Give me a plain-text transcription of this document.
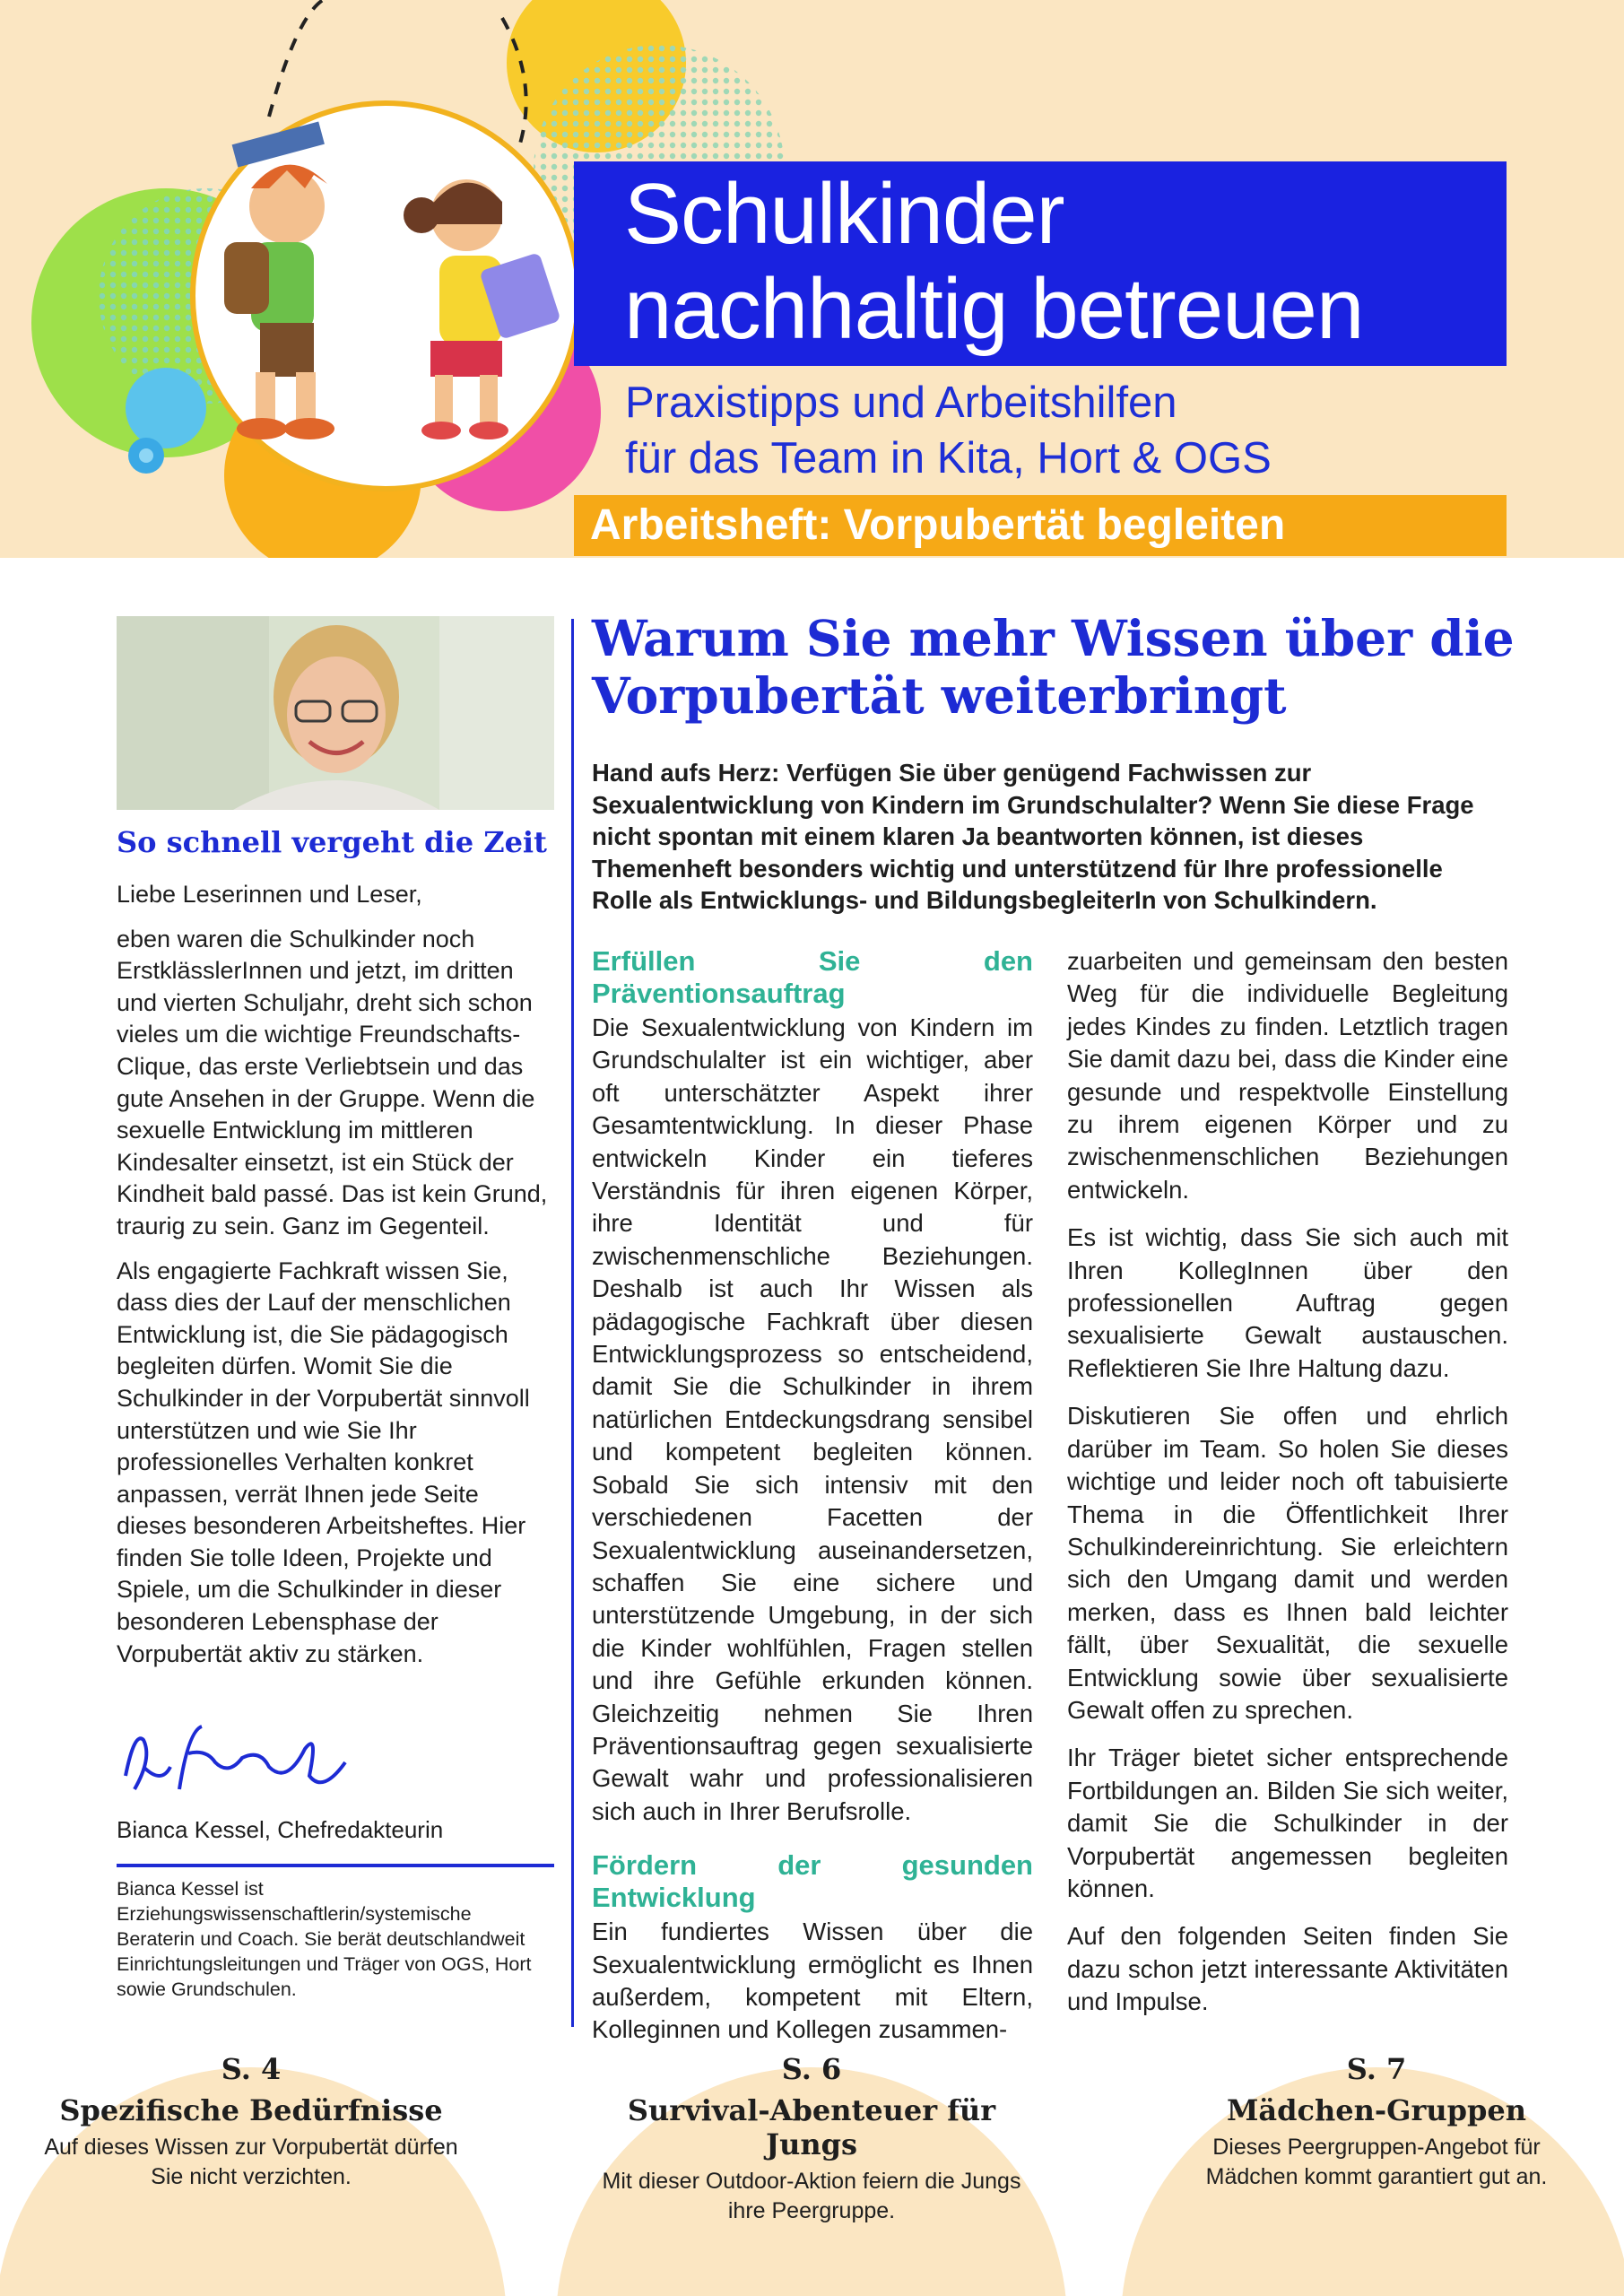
Schulkinder
nachhaltig betreuen
Praxistipps und Arbeitshilfen
für das Team in Kita, Hort & OGS
Arbeitsheft: Vorpubertät begleiten
So schnell vergeht die Zeit

Liebe Leserinnen und Leser,

eben waren die Schulkinder noch ErstklässlerInnen und jetzt, im dritten und vierten Schuljahr, dreht sich schon vieles um die wichtige Freundschafts-Clique, das erste Verliebtsein und das gute Ansehen in der Gruppe. Wenn die sexuelle Entwicklung im mittleren Kindesalter einsetzt, ist ein Stück der Kindheit bald passé. Das ist kein Grund, traurig zu sein. Ganz im Gegenteil.

Als engagierte Fachkraft wissen Sie, dass dies der Lauf der menschlichen Entwicklung ist, die Sie pädagogisch begleiten dürfen. Womit Sie die Schulkinder in der Vorpubertät sinnvoll unterstützen und wie Sie Ihr professionelles Verhalten konkret anpassen, verrät Ihnen jede Seite dieses besonderen Arbeitsheftes. Hier finden Sie tolle Ideen, Projekte und Spiele, um die Schulkinder in dieser besonderen Lebensphase der Vorpubertät aktiv zu stärken.

Bianca Kessel, Chefredakteurin
Bianca Kessel ist Erziehungswissenschaftlerin/systemische Beraterin und Coach. Sie berät deutschlandweit Einrichtungsleitungen und Träger von OGS, Hort sowie Grundschulen.
Warum Sie mehr Wissen über die Vorpubertät weiterbringt
Hand aufs Herz: Verfügen Sie über genügend Fachwissen zur Sexualentwicklung von Kindern im Grundschulalter? Wenn Sie diese Frage nicht spontan mit einem klaren Ja beantworten können, ist dieses Themenheft besonders wichtig und unterstützend für Ihre professionelle Rolle als Entwicklungs- und BildungsbegleiterIn von Schulkindern.
Erfüllen Sie den Präventionsauftrag

Die Sexualentwicklung von Kindern im Grundschulalter ist ein wichtiger, aber oft unterschätzter Aspekt ihrer Gesamtentwicklung. In dieser Phase entwickeln Kinder ein tieferes Verständnis für ihren eigenen Körper, ihre Identität und für zwischenmenschliche Beziehungen. Deshalb ist auch Ihr Wissen als pädagogische Fachkraft über diesen Entwicklungsprozess so entscheidend, damit Sie die Schulkinder in ihrem natürlichen Entdeckungsdrang sensibel und kompetent begleiten können. Sobald Sie sich intensiv mit den verschiedenen Facetten der Sexualentwicklung auseinandersetzen, schaffen Sie eine sichere und unterstützende Umgebung, in der sich die Kinder wohlfühlen, Fragen stellen und ihre Gefühle erkunden können. Gleichzeitig nehmen Sie Ihren Präventionsauftrag gegen sexualisierte Gewalt wahr und professionalisieren sich auch in Ihrer Berufsrolle.

Fördern der gesunden Entwicklung

Ein fundiertes Wissen über die Sexualentwicklung ermöglicht es Ihnen außerdem, kompetent mit Eltern, Kolleginnen und Kollegen zusammen-

zuarbeiten und gemeinsam den besten Weg für die individuelle Begleitung jedes Kindes zu finden. Letztlich tragen Sie damit dazu bei, dass die Kinder eine gesunde und respektvolle Einstellung zu ihrem eigenen Körper und zu zwischenmenschlichen Beziehungen entwickeln.

Es ist wichtig, dass Sie sich auch mit Ihren KollegInnen über den professionellen Auftrag gegen sexualisierte Gewalt austauschen. Reflektieren Sie Ihre Haltung dazu.

Diskutieren Sie offen und ehrlich darüber im Team. So holen Sie dieses wichtige und leider noch oft tabuisierte Thema in die Öffentlichkeit Ihrer Schulkindereinrichtung. Sie erleichtern sich den Umgang damit und werden merken, dass es Ihnen bald leichter fällt, über Sexualität, die sexuelle Entwicklung sowie über sexualisierte Gewalt offen zu sprechen.

Ihr Träger bietet sicher entsprechende Fortbildungen an. Bilden Sie sich weiter, damit Sie die Schulkinder in der Vorpubertät angemessen begleiten können.

Auf den folgenden Seiten finden Sie dazu schon jetzt interessante Aktivitäten und Impulse.

S. 4
Spezifische Bedürfnisse
Auf dieses Wissen zur Vorpubertät dürfen Sie nicht verzichten.
S. 6
Survival-Abenteuer für Jungs
Mit dieser Outdoor-Aktion feiern die Jungs ihre Peergruppe.
S. 7
Mädchen-Gruppen
Dieses Peergruppen-Angebot für Mädchen kommt garantiert gut an.
